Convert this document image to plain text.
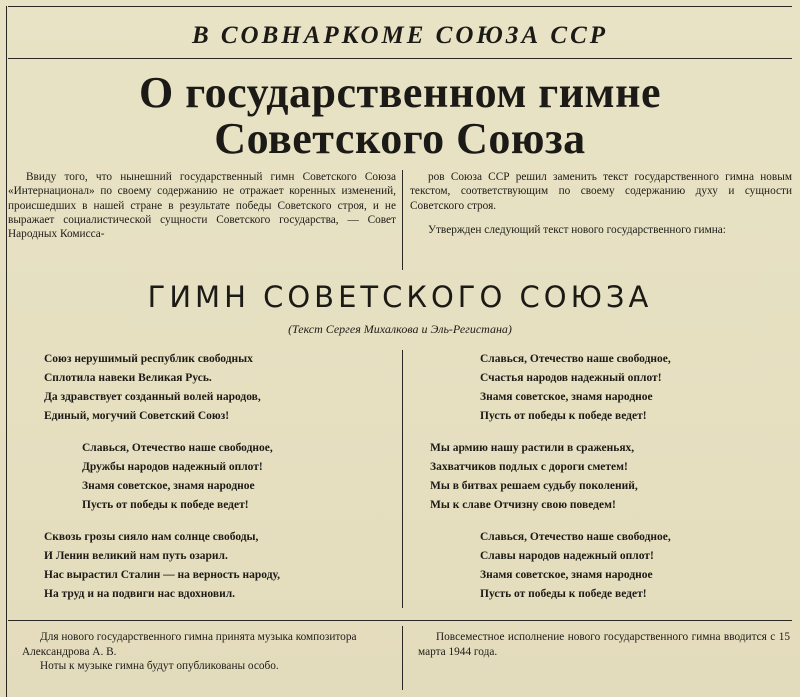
В СОВНАРКОМЕ СОЮЗА ССР
О государственном гимне
Советского Союза

Ввиду того, что нынешний государственный гимн Советского Союза «Интернационал» по своему содержанию не отражает коренных изменений, происшедших в нашей стране в результате победы Советского строя, и не выражает социалистической сущности Советского государства, — Совет Народных Комисса-

ров Союза ССР решил заменить текст государственного гимна новым текстом, соответствующим по своему содержанию духу и сущности Советского строя.

Утвержден следующий текст нового государственного гимна:

ГИМН СОВЕТСКОГО СОЮЗА
(Текст Сергея Михалкова и Эль-Регистана)
Союз нерушимый республик свободных
Сплотила навеки Великая Русь.
Да здравствует созданный волей народов,
Единый, могучий Советский Союз!
Славься, Отечество наше свободное,
Дружбы народов надежный оплот!
Знамя советское, знамя народное
Пусть от победы к победе ведет!
Сквозь грозы сияло нам солнце свободы,
И Ленин великий нам путь озарил.
Нас вырастил Сталин — на верность народу,
На труд и на подвиги нас вдохновил.
Славься, Отечество наше свободное,
Счастья народов надежный оплот!
Знамя советское, знамя народное
Пусть от победы к победе ведет!
Мы армию нашу растили в сраженьях,
Захватчиков подлых с дороги сметем!
Мы в битвах решаем судьбу поколений,
Мы к славе Отчизну свою поведем!
Славься, Отечество наше свободное,
Славы народов надежный оплот!
Знамя советское, знамя народное
Пусть от победы к победе ведет!

Для нового государственного гимна принята музыка композитора Александрова А. В.

Ноты к музыке гимна будут опубликованы особо.

Повсеместное исполнение нового государственного гимна вводится с 15 марта 1944 года.
